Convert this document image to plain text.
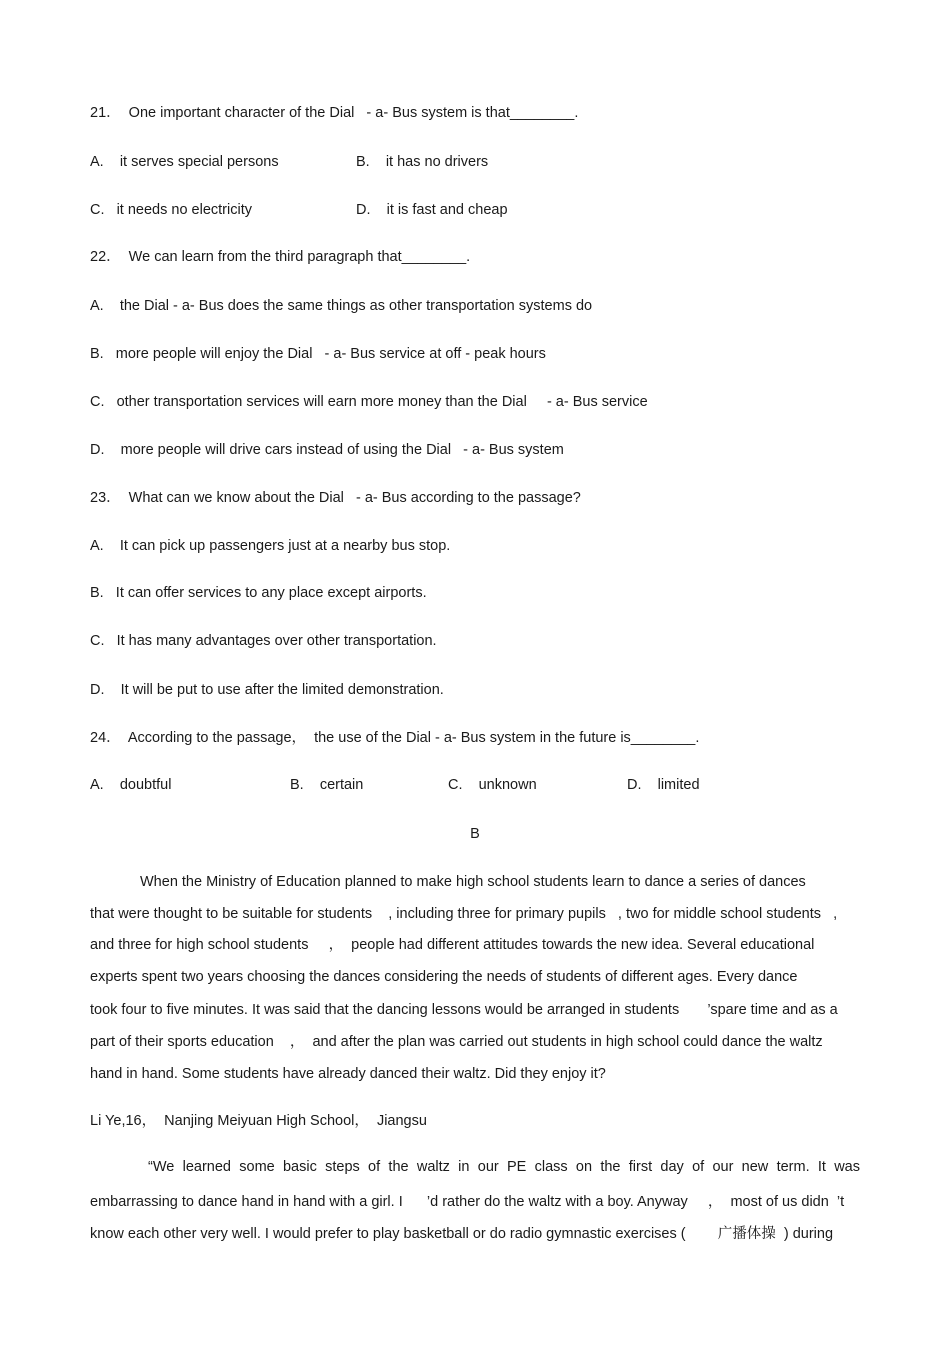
21．  One important character of the Dial   - a- Bus system is that________.
A.    it serves special persons	B.    it has no drivers
C.   it needs no electricity	D.    it is fast and cheap
22．  We can learn from the third paragraph that________.
A.    the Dial - a- Bus does the same things as other transportation systems do
B.   more people will enjoy the Dial   - a- Bus service at off - peak hours
C.   other transportation services will earn more money than the Dial     - a- Bus service
D.    more people will drive cars instead of using the Dial   - a- Bus system
23．  What can we know about the Dial   - a- Bus according to the passage?
A.    It can pick up passengers just at a nearby bus stop.
B.   It can offer services to any place except airports.
C.   It has many advantages over other transportation.
D.    It will be put to use after the limited demonstration.
24．  According to the passage，  the use of the Dial - a- Bus system in the future is________.
A.    doubtful	B.    certain	C.    unknown	D.    limited
B
When the Ministry of Education planned to make high school students learn to dance a series of dances
that were thought to be suitable for students    , including three for primary pupils   , two for middle school students   ,
and three for high school students     ，  people had different attitudes towards the new idea. Several educational
experts spent two years choosing the dances considering the needs of students of different ages. Every dance
took four to five minutes. It was said that the dancing lessons would be arranged in students       ’spare time and as a
part of their sports education    ，  and after the plan was carried out students in high school could dance the waltz
hand in hand. Some students have already danced their waltz. Did they enjoy it?
Li Ye,16，  Nanjing Meiyuan High School，  Jiangsu
“We learned some basic steps of the waltz in our PE class on the first day of our new term. It was
embarrassing to dance hand in hand with a girl. I      ’d rather do the waltz with a boy. Anyway     ，  most of us didn  ’t
know each other very well. I would prefer to play basketball or do radio gymnastic exercises (        广播体操  ) during
